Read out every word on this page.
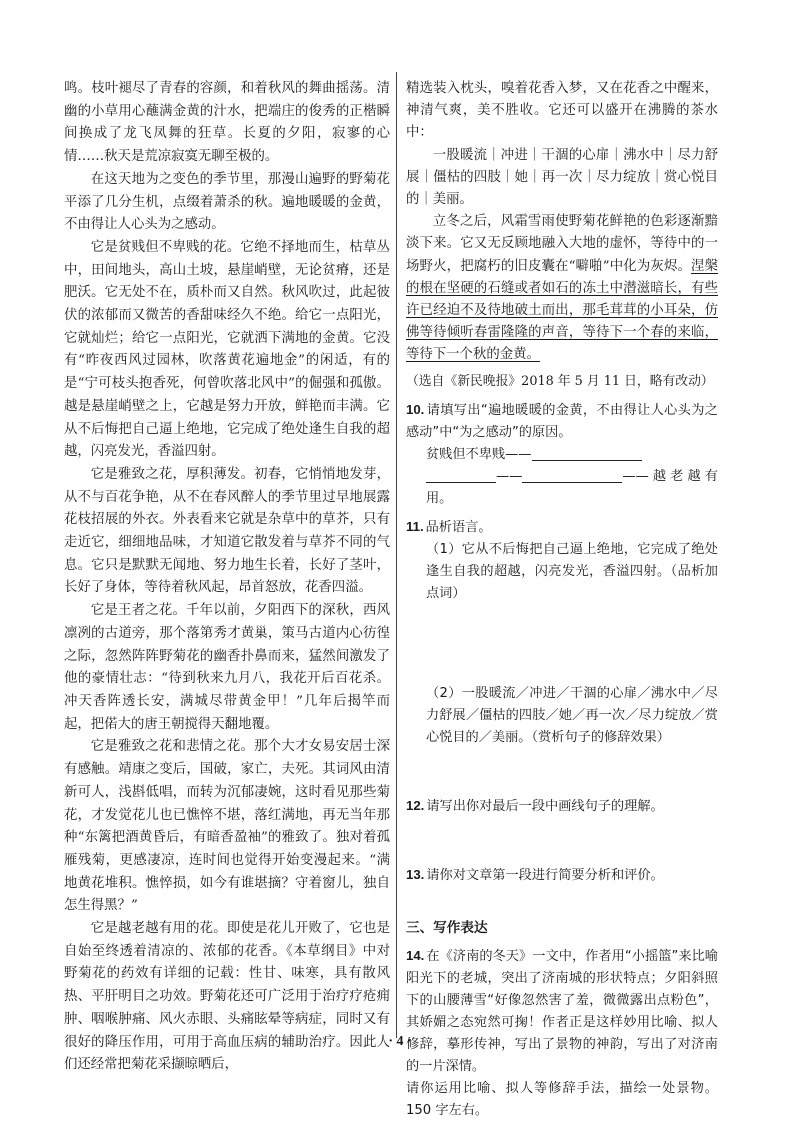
鸣。枝叶褪尽了青春的容颜，和着秋风的舞曲摇荡。清幽的小草用心蘸满金黄的汁水，把端庄的俊秀的正楷瞬间换成了龙飞凤舞的狂草。长夏的夕阳，寂寥的心情……秋天是荒凉寂寞无聊至极的。

在这天地为之变色的季节里，那漫山遍野的野菊花平添了几分生机，点缀着萧杀的秋。遍地暖暖的金黄，不由得让人心头为之感动。

它是贫贱但不卑贱的花。它绝不择地而生，枯草丛中，田间地头，高山土坡，悬崖峭壁，无论贫瘠，还是肥沃。它无处不在，质朴而又自然。秋风吹过，此起彼伏的浓郁而又微苦的香甜味经久不绝。给它一点阳光，它就灿烂；给它一点阳光，它就洒下满地的金黄。它没有“昨夜西风过园林，吹落黄花遍地金”的闲适，有的是“宁可枝头抱香死，何曾吹落北风中”的倔强和孤傲。越是悬崖峭壁之上，它越是努力开放，鲜艳而丰满。它从不后悔把自己逼上绝地，它完成了绝处逢生自我的超越，闪亮发光，香溢四射。

它是雅致之花，厚积薄发。初春，它悄悄地发芽，从不与百花争艳，从不在春风醉人的季节里过早地展露花枝招展的外衣。外表看来它就是杂草中的草芥，只有走近它，细细地品味，才知道它散发着与草芥不同的气息。它只是默默无闻地、努力地生长着，长好了茎叶，长好了身体，等待着秋风起，昂首怒放，花香四溢。

它是王者之花。千年以前，夕阳西下的深秋，西风凛冽的古道旁，那个落第秀才黄巢，策马古道内心彷徨之际，忽然阵阵野菊花的幽香扑鼻而来，猛然间激发了他的豪情壮志：“待到秋来九月八，我花开后百花杀。冲天香阵透长安，满城尽带黄金甲！”几年后揭竿而起，把偌大的唐王朝搅得天翻地覆。

它是雅致之花和悲情之花。那个大才女易安居士深有感触。靖康之变后，国破，家亡，夫死。其词风由清新可人，浅斟低唱，而转为沉郁凄婉，这时看见那些菊花，才发觉花儿也已憔悴不堪，落红满地，再无当年那种“东篱把酒黄昏后，有暗香盈袖”的雅致了。独对着孤雁残菊，更感凄凉，连时间也觉得开始变漫起来。“满地黄花堆积。憔悴损，如今有谁堪摘？守着窗儿，独自怎生得黑？”

它是越老越有用的花。即使是花儿开败了，它也是自始至终透着清凉的、浓郁的花香。《本草纲目》中对野菊花的药效有详细的记载：性甘、味寒，具有散风热、平肝明目之功效。野菊花还可广泛用于治疗疗疮痈肿、咽喉肿痛、风火赤眼、头痛眩晕等病症，同时又有很好的降压作用，可用于高血压病的辅助治疗。因此人们还经常把菊花采撷晾晒后，

精选装入枕头，嗅着花香入梦，又在花香之中醒来，神清气爽，美不胜收。它还可以盛开在沸腾的茶水中：

一股暖流｜冲进｜干涸的心扉｜沸水中｜尽力舒展｜僵枯的四肢｜她｜再一次｜尽力绽放｜赏心悦目的｜美丽。

立冬之后，风霜雪雨使野菊花鲜艳的色彩逐渐黯淡下来。它又无反顾地融入大地的虚怀，等待中的一场野火，把腐朽的旧皮囊在“噼啪”中化为灰烬。涅槃的根在坚硬的石缝或者如石的冻土中潜滋暗长，有些许已经迫不及待地破土而出，那毛茸茸的小耳朵，仿佛等待倾听春雷隆隆的声音，等待下一个春的来临，等待下一个秋的金黄。

（选自《新民晚报》2018 年 5 月 11 日，略有改动）

10. 请填写出“遍地暖暖的金黄，不由得让人心头为之感动”中“为之感动”的原因。
贫贱但不卑贱——
——	——越老越有用。
11. 品析语言。
（1）它从不后悔把自己逼上绝地，它完成了绝处逢生自我的超越，闪亮发光，香溢四射。（品析加点词）
（2）一股暖流／冲进／干涸的心扉／沸水中／尽力舒展／僵枯的四肢／她／再一次／尽力绽放／赏心悦目的／美丽。（赏析句子的修辞效果）
12. 请写出你对最后一段中画线句子的理解。
13. 请你对文章第一段进行简要分析和评价。
三、写作表达
14. 在《济南的冬天》一文中，作者用“小摇篮”来比喻阳光下的老城，突出了济南城的形状特点；夕阳斜照下的山腰薄雪“好像忽然害了羞，微微露出点粉色”，其娇媚之态宛然可掬！作者正是这样妙用比喻、拟人修辞，摹形传神，写出了景物的神韵，写出了对济南的一片深情。
请你运用比喻、拟人等修辞手法，描绘一处景物。150 字左右。
· 4 ·
